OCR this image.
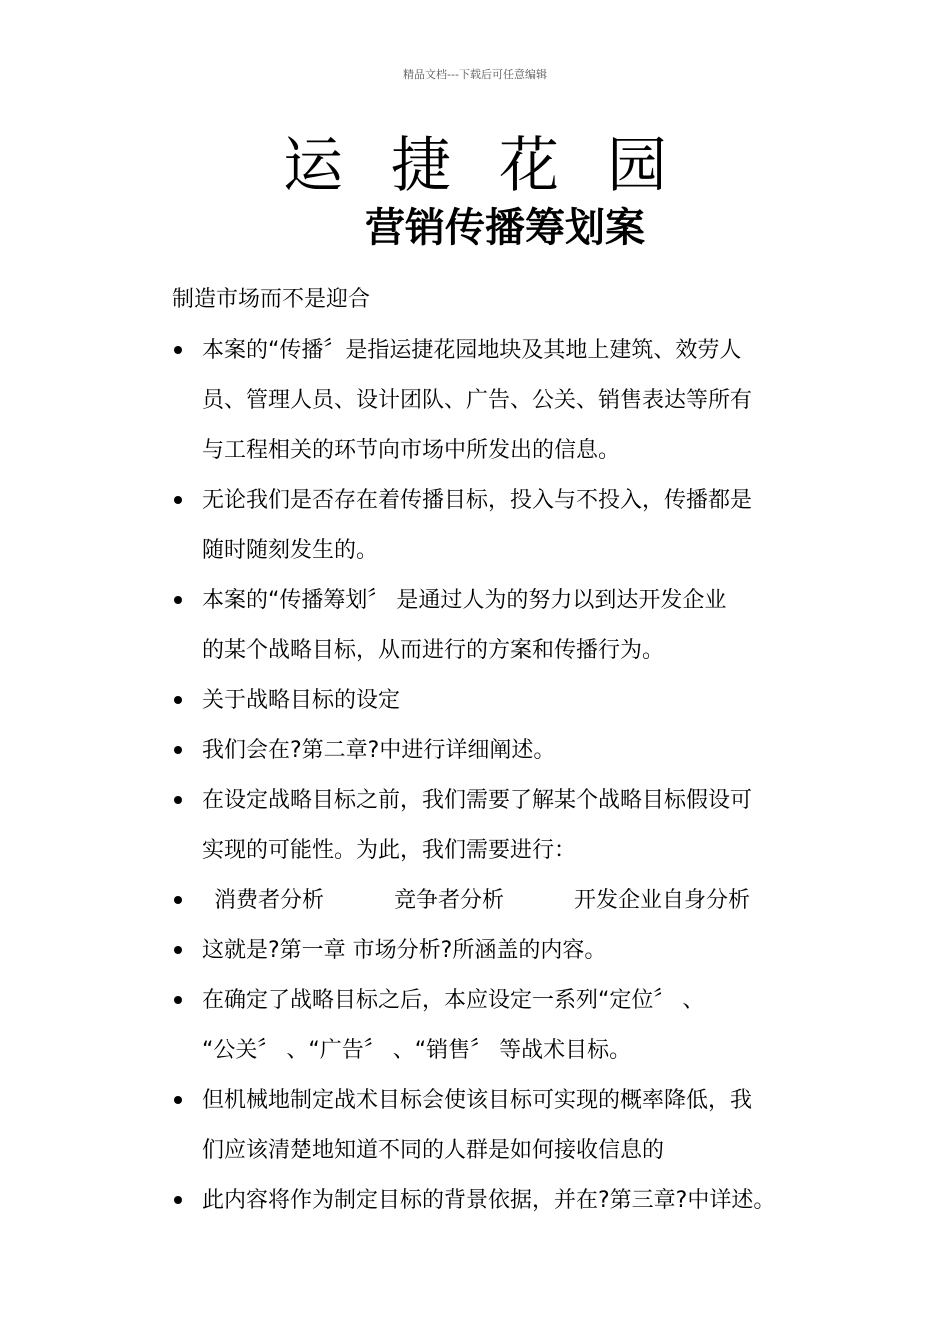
精品文档---下载后可任意编辑
运捷花园
营销传播筹划案
制造市场而不是迎合
本案的“传播〞是指运捷花园地块及其地上建筑、效劳人
员、管理人员、设计团队、广告、公关、销售表达等所有
与工程相关的环节向市场中所发出的信息。
无论我们是否存在着传播目标，投入与不投入，传播都是
随时随刻发生的。
本案的“传播筹划〞 是通过人为的努力以到达开发企业
的某个战略目标，从而进行的方案和传播行为。
关于战略目标的设定
我们会在?第二章?中进行详细阐述。
在设定战略目标之前，我们需要了解某个战略目标假设可
实现的可能性。为此，我们需要进行：
消费者分析	竞争者分析	开发企业自身分析
这就是?第一章 市场分析?所涵盖的内容。
在确定了战略目标之后，本应设定一系列“定位〞 、
“公关〞 、“广告〞 、“销售〞 等战术目标。
但机械地制定战术目标会使该目标可实现的概率降低，我
们应该清楚地知道不同的人群是如何接收信息的
此内容将作为制定目标的背景依据，并在?第三章?中详述。
